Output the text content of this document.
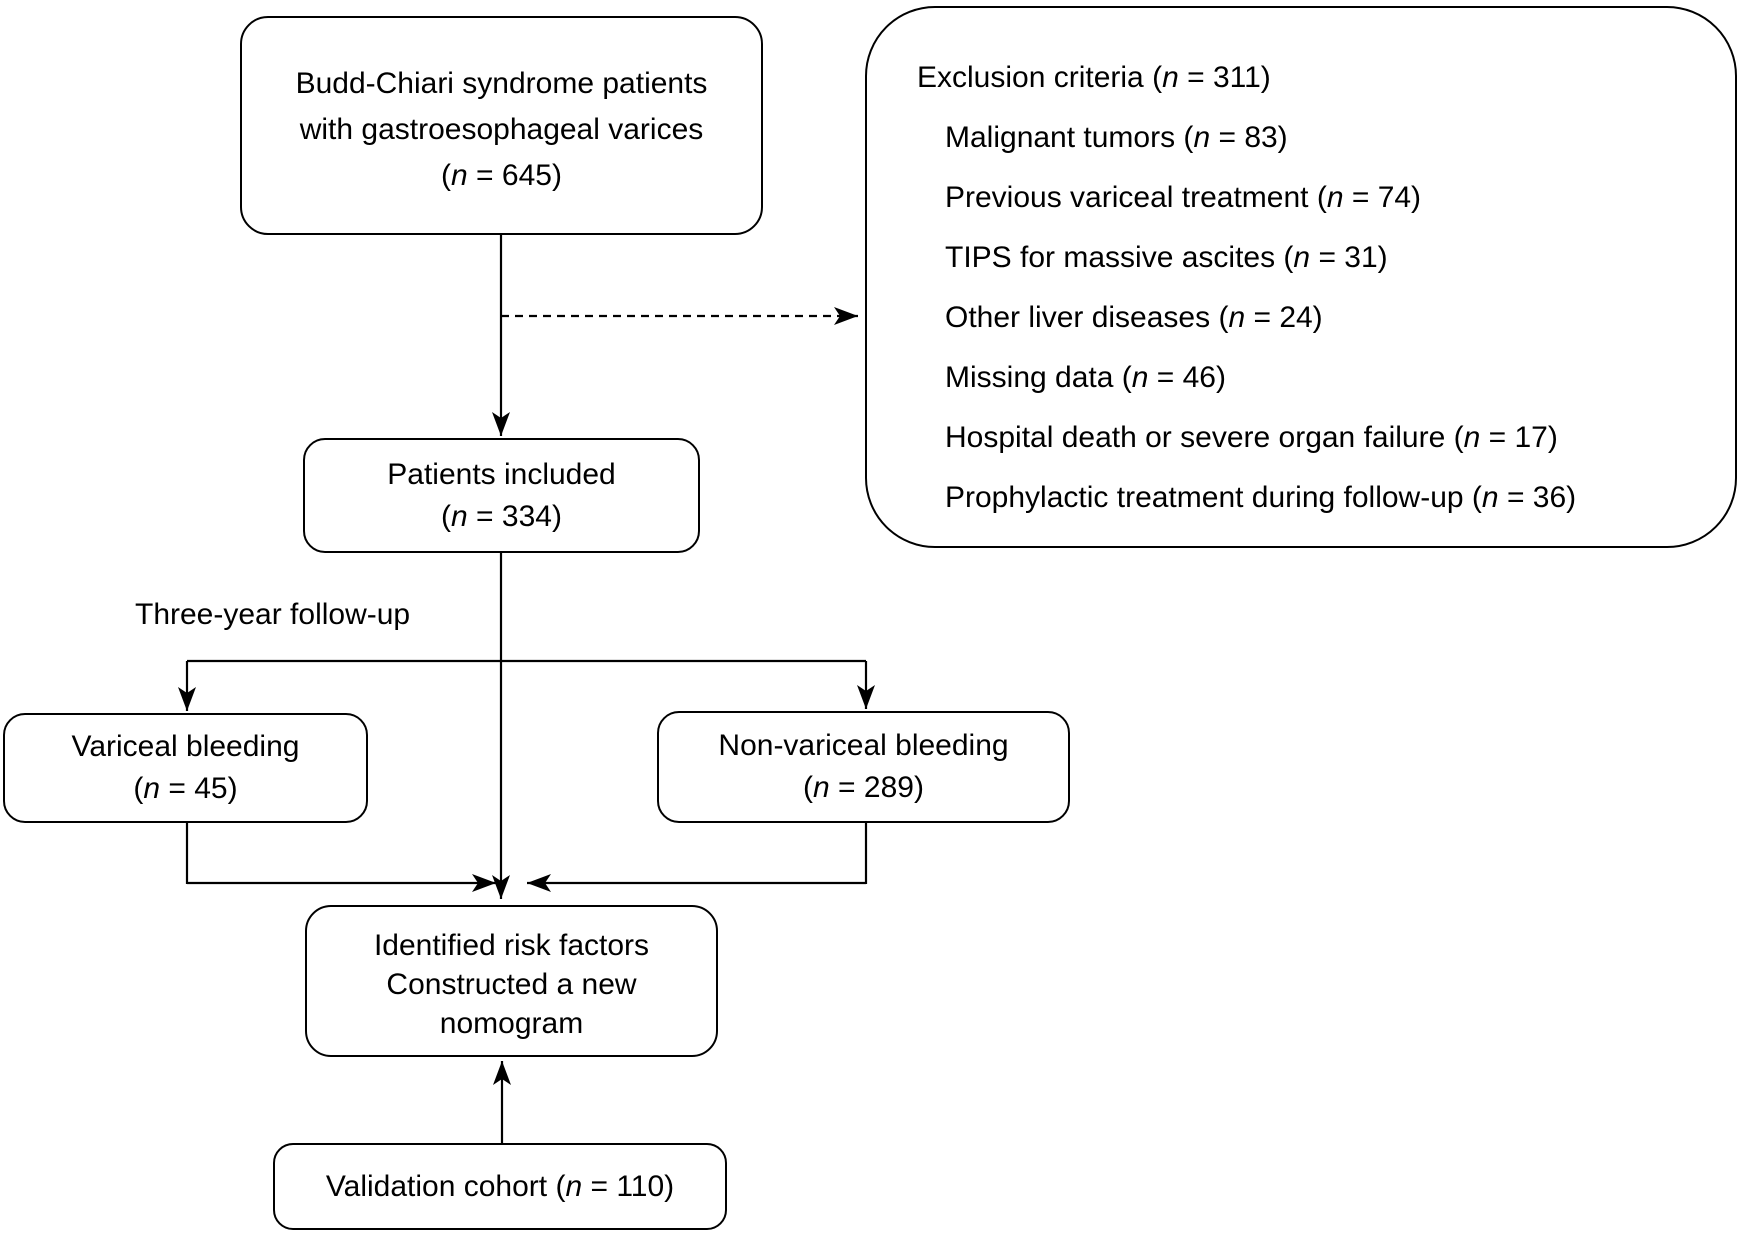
Budd-Chiari syndrome patients
with gastroesophageal varices
(n = 645)
Exclusion criteria (n = 311)
Malignant tumors (n = 83)
Previous variceal treatment (n = 74)
TIPS for massive ascites (n = 31)
Other liver diseases (n = 24)
Missing data (n = 46)
Hospital death or severe organ failure (n = 17)
Prophylactic treatment during follow-up (n = 36)
Patients included
(n = 334)
Three-year follow-up
Variceal bleeding
(n = 45)
Non-variceal bleeding
(n = 289)
Identified risk factors
Constructed a new
nomogram
Validation cohort (n = 110)
